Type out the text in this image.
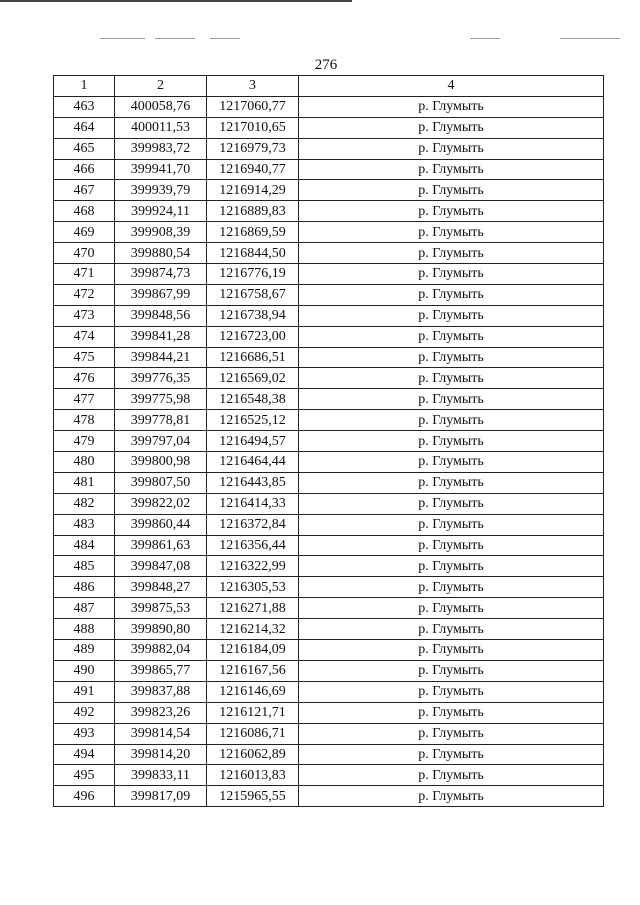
276
1	2	3	4
463	400058,76	1217060,77	р. Глумыть
464	400011,53	1217010,65	р. Глумыть
465	399983,72	1216979,73	р. Глумыть
466	399941,70	1216940,77	р. Глумыть
467	399939,79	1216914,29	р. Глумыть
468	399924,11	1216889,83	р. Глумыть
469	399908,39	1216869,59	р. Глумыть
470	399880,54	1216844,50	р. Глумыть
471	399874,73	1216776,19	р. Глумыть
472	399867,99	1216758,67	р. Глумыть
473	399848,56	1216738,94	р. Глумыть
474	399841,28	1216723,00	р. Глумыть
475	399844,21	1216686,51	р. Глумыть
476	399776,35	1216569,02	р. Глумыть
477	399775,98	1216548,38	р. Глумыть
478	399778,81	1216525,12	р. Глумыть
479	399797,04	1216494,57	р. Глумыть
480	399800,98	1216464,44	р. Глумыть
481	399807,50	1216443,85	р. Глумыть
482	399822,02	1216414,33	р. Глумыть
483	399860,44	1216372,84	р. Глумыть
484	399861,63	1216356,44	р. Глумыть
485	399847,08	1216322,99	р. Глумыть
486	399848,27	1216305,53	р. Глумыть
487	399875,53	1216271,88	р. Глумыть
488	399890,80	1216214,32	р. Глумыть
489	399882,04	1216184,09	р. Глумыть
490	399865,77	1216167,56	р. Глумыть
491	399837,88	1216146,69	р. Глумыть
492	399823,26	1216121,71	р. Глумыть
493	399814,54	1216086,71	р. Глумыть
494	399814,20	1216062,89	р. Глумыть
495	399833,11	1216013,83	р. Глумыть
496	399817,09	1215965,55	р. Глумыть
